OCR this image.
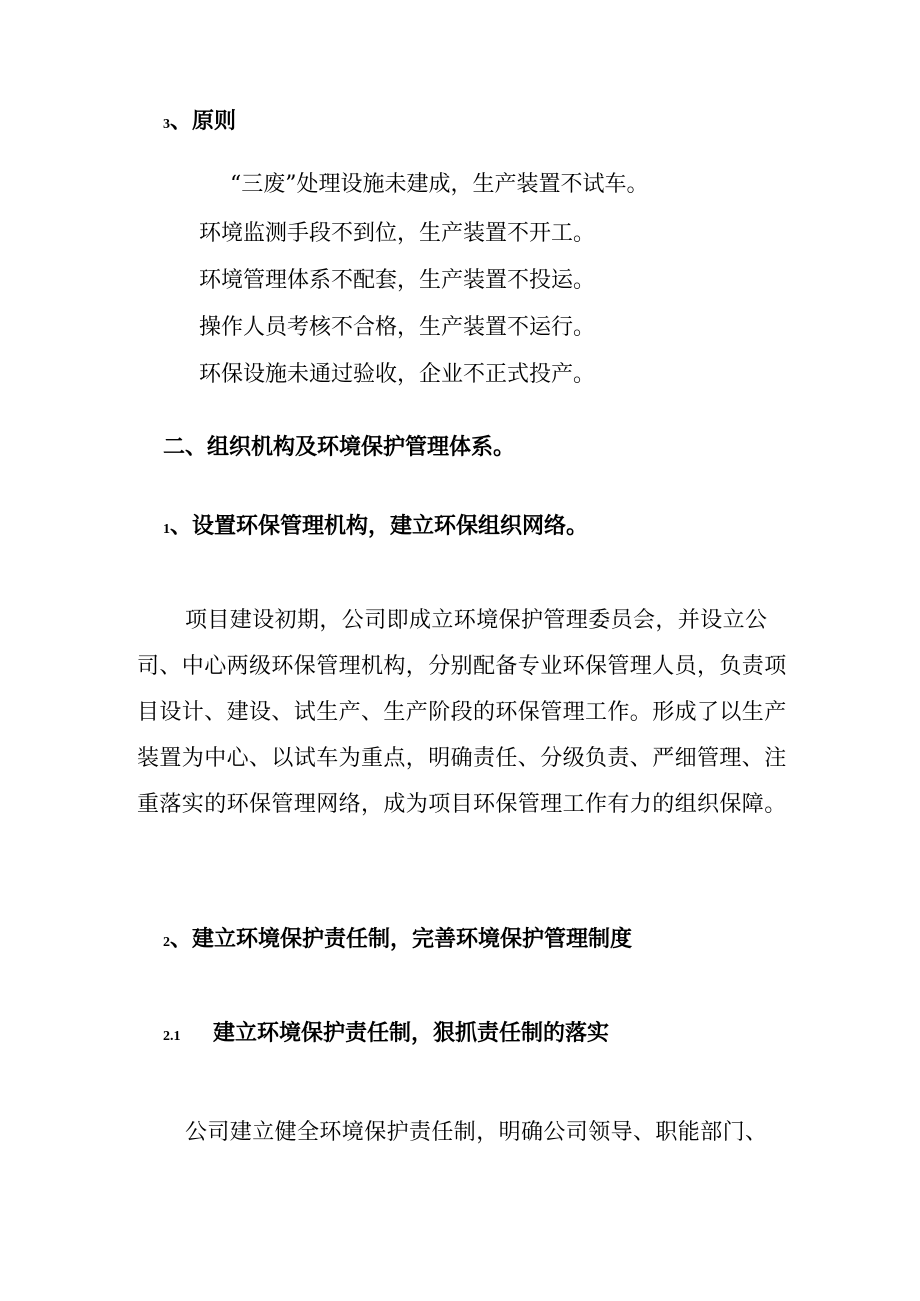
3、原则
“三废”处理设施未建成，生产装置不试车。
环境监测手段不到位，生产装置不开工。
环境管理体系不配套，生产装置不投运。
操作人员考核不合格，生产装置不运行。
环保设施未通过验收，企业不正式投产。
二、组织机构及环境保护管理体系。
1、设置环保管理机构，建立环保组织网络。

项目建设初期，公司即成立环境保护管理委员会，并设立公司、中心两级环保管理机构，分别配备专业环保管理人员，负责项目设计、建设、试生产、生产阶段的环保管理工作。形成了以生产装置为中心、以试车为重点，明确责任、分级负责、严细管理、注重落实的环保管理网络，成为项目环保管理工作有力的组织保障。

2、建立环境保护责任制，完善环境保护管理制度
2.1 建立环境保护责任制，狠抓责任制的落实

公司建立健全环境保护责任制，明确公司领导、职能部门、
